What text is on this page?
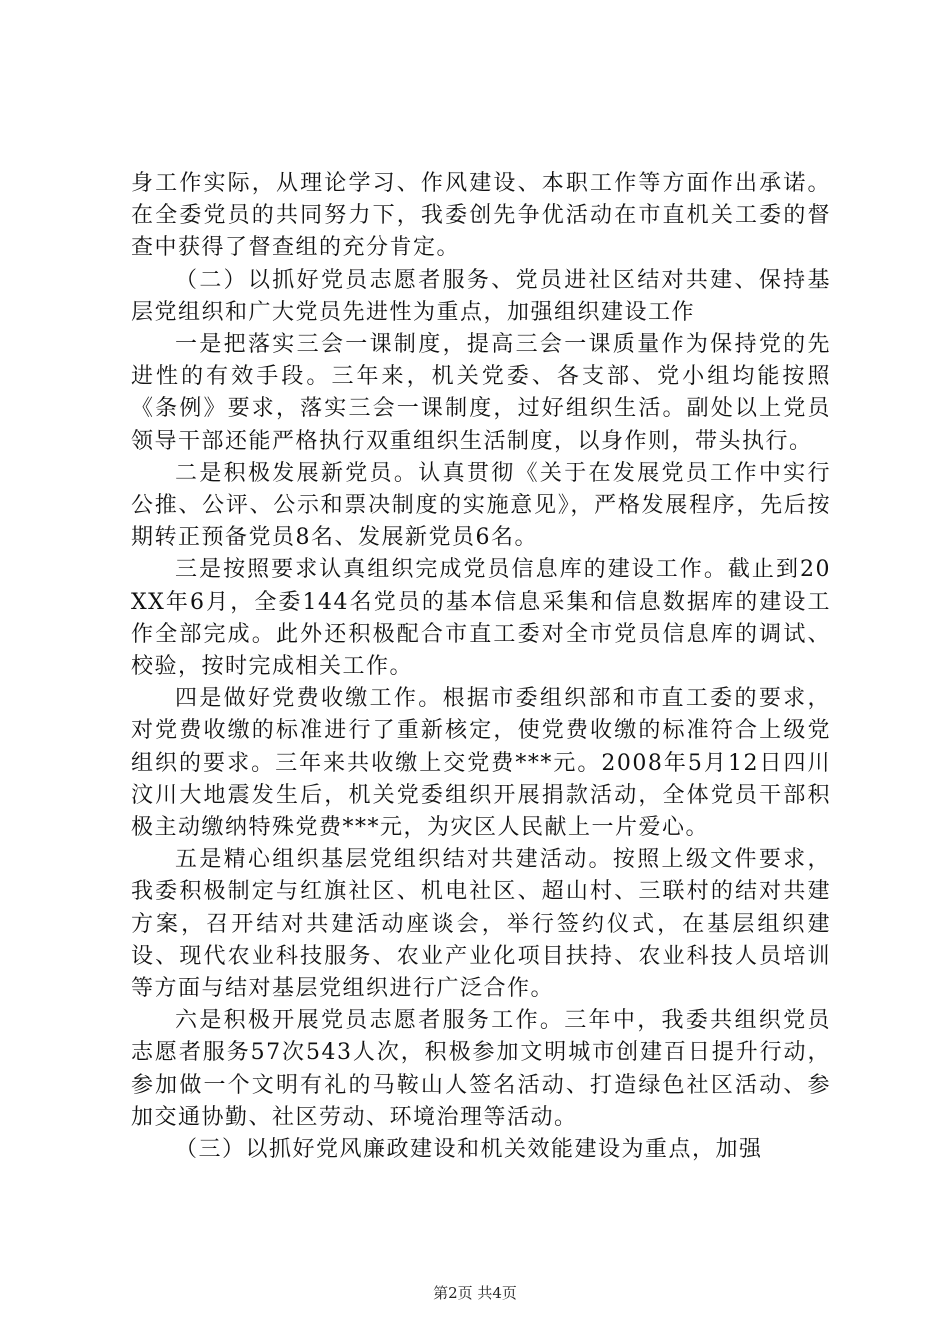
身工作实际，从理论学习、作风建设、本职工作等方面作出承诺。在全委党员的共同努力下，我委创先争优活动在市直机关工委的督查中获得了督查组的充分肯定。

（二）以抓好党员志愿者服务、党员进社区结对共建、保持基层党组织和广大党员先进性为重点，加强组织建设工作

一是把落实三会一课制度，提高三会一课质量作为保持党的先进性的有效手段。三年来，机关党委、各支部、党小组均能按照《条例》要求，落实三会一课制度，过好组织生活。副处以上党员领导干部还能严格执行双重组织生活制度，以身作则，带头执行。

二是积极发展新党员。认真贯彻《关于在发展党员工作中实行公推、公评、公示和票决制度的实施意见》，严格发展程序，先后按期转正预备党员8名、发展新党员6名。

三是按照要求认真组织完成党员信息库的建设工作。截止到20XX年6月，全委144名党员的基本信息采集和信息数据库的建设工作全部完成。此外还积极配合市直工委对全市党员信息库的调试、校验，按时完成相关工作。

四是做好党费收缴工作。根据市委组织部和市直工委的要求，对党费收缴的标准进行了重新核定，使党费收缴的标准符合上级党组织的要求。三年来共收缴上交党费***元。2008年5月12日四川汶川大地震发生后，机关党委组织开展捐款活动，全体党员干部积极主动缴纳特殊党费***元，为灾区人民献上一片爱心。

五是精心组织基层党组织结对共建活动。按照上级文件要求，我委积极制定与红旗社区、机电社区、超山村、三联村的结对共建方案，召开结对共建活动座谈会，举行签约仪式，在基层组织建设、现代农业科技服务、农业产业化项目扶持、农业科技人员培训等方面与结对基层党组织进行广泛合作。

六是积极开展党员志愿者服务工作。三年中，我委共组织党员志愿者服务57次543人次，积极参加文明城市创建百日提升行动，参加做一个文明有礼的马鞍山人签名活动、打造绿色社区活动、参加交通协勤、社区劳动、环境治理等活动。

（三）以抓好党风廉政建设和机关效能建设为重点，加强

第2页 共4页
